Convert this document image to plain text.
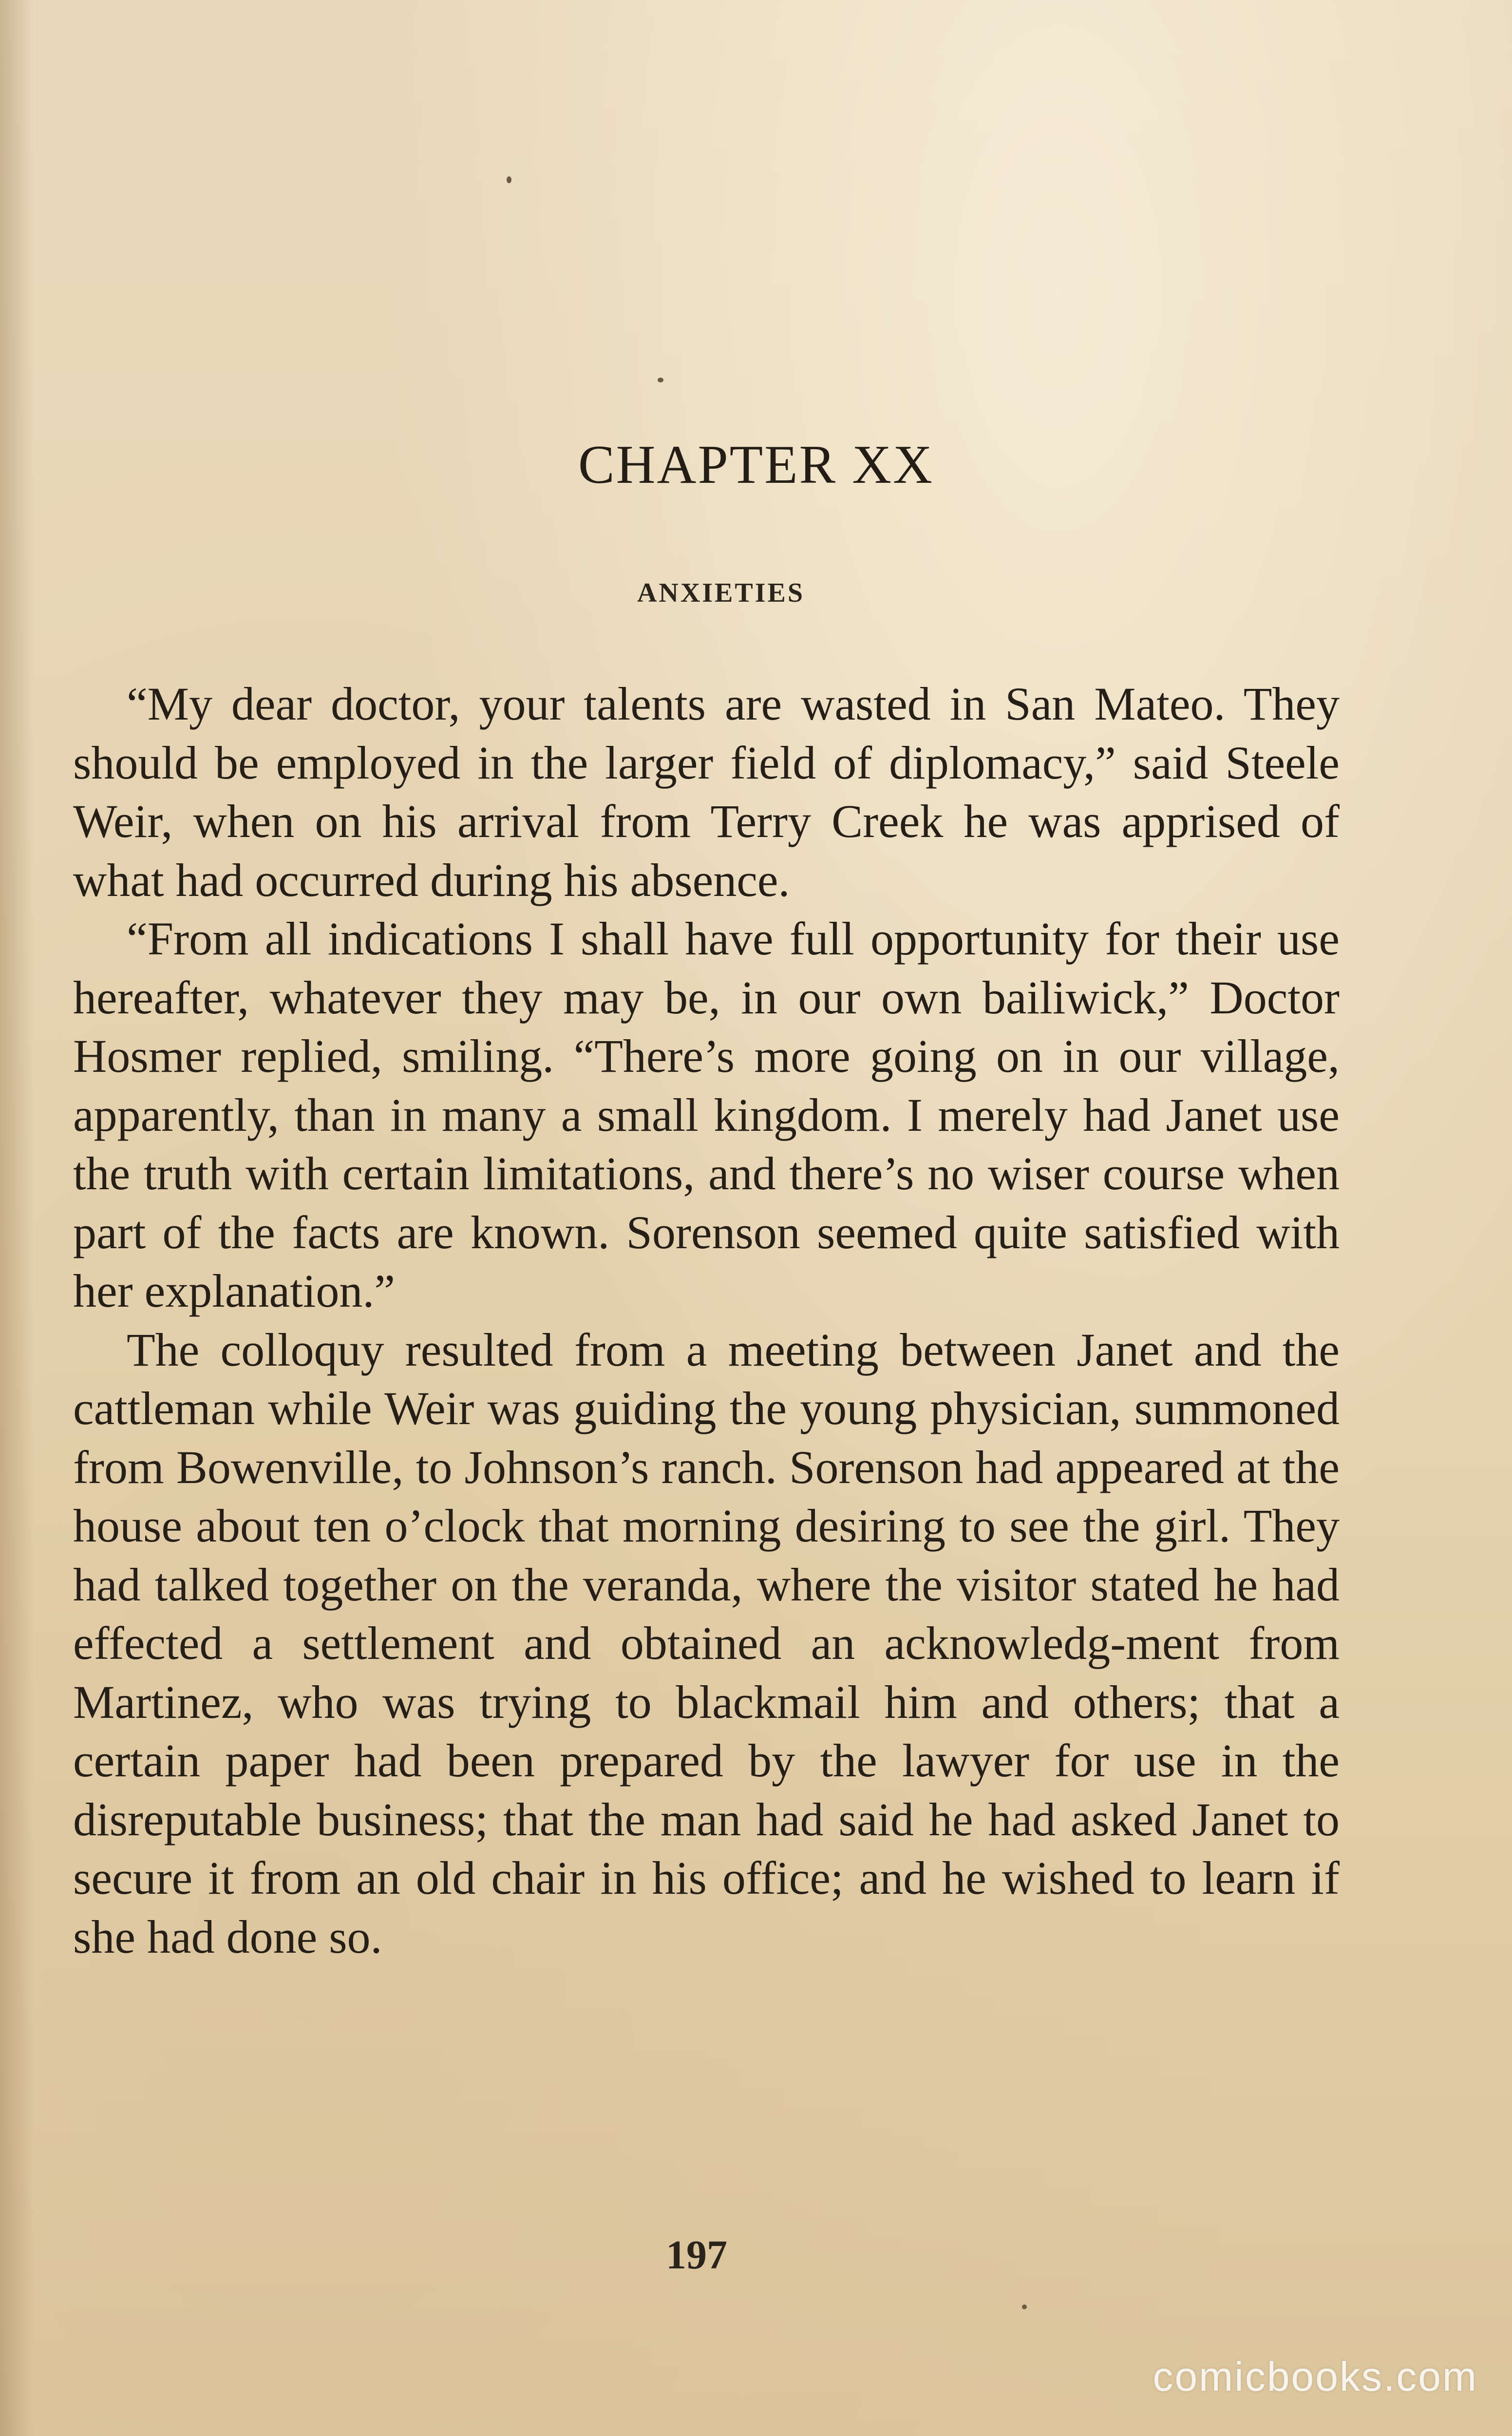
CHAPTER XX
ANXIETIES

“My dear doctor, your talents are wasted in San Mateo. They should be employed in the larger field of diplomacy,” said Steele Weir, when on his arrival from Terry Creek he was apprised of what had occurred during his absence.

“From all indications I shall have full opportunity for their use hereafter, whatever they may be, in our own bailiwick,” Doctor Hosmer replied, smiling. “There’s more going on in our village, apparently, than in many a small kingdom. I merely had Janet use the truth with certain limitations, and there’s no wiser course when part of the facts are known. Sorenson seemed quite satisfied with her explanation.”

The colloquy resulted from a meeting between Janet and the cattleman while Weir was guiding the young physician, summoned from Bowenville, to Johnson’s ranch. Sorenson had appeared at the house about ten o’clock that morning desiring to see the girl. They had talked together on the veranda, where the visitor stated he had effected a settlement and obtained an acknowledg-ment from Martinez, who was trying to blackmail him and others; that a certain paper had been prepared by the lawyer for use in the disreputable business; that the man had said he had asked Janet to secure it from an old chair in his office; and he wished to learn if she had done so.

197
comicbooks.com
